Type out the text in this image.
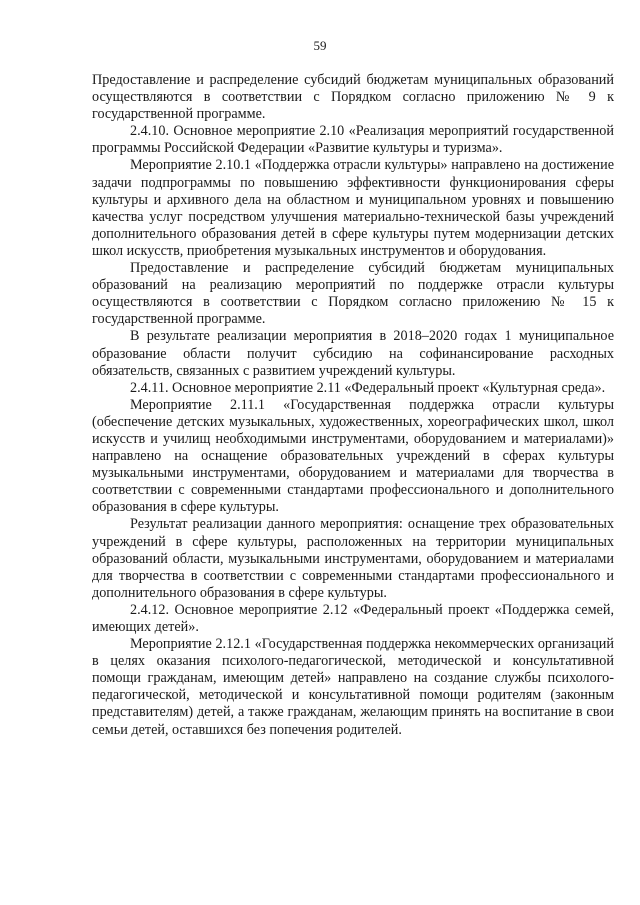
59

Предоставление и распределение субсидий бюджетам муниципальных образований осуществляются в соответствии с Порядком согласно приложению № 9 к государственной программе.

2.4.10. Основное мероприятие 2.10 «Реализация мероприятий государственной программы Российской Федерации «Развитие культуры и туризма».

Мероприятие 2.10.1 «Поддержка отрасли культуры» направлено на достижение задачи подпрограммы по повышению эффективности функционирования сферы культуры и архивного дела на областном и муниципальном уровнях и повышению качества услуг посредством улучшения материально-технической базы учреждений дополнительного образования детей в сфере культуры путем модернизации детских школ искусств, приобретения музыкальных инструментов и оборудования.

Предоставление и распределение субсидий бюджетам муниципальных образований на реализацию мероприятий по поддержке отрасли культуры осуществляются в соответствии с Порядком согласно приложению № 15 к государственной программе.

В результате реализации мероприятия в 2018–2020 годах 1 муниципальное образование области получит субсидию на софинансирование расходных обязательств, связанных с развитием учреждений культуры.

2.4.11. Основное мероприятие 2.11 «Федеральный проект «Культурная среда».

Мероприятие 2.11.1 «Государственная поддержка отрасли культуры (обеспечение детских музыкальных, художественных, хореографических школ, школ искусств и училищ необходимыми инструментами, оборудованием и материалами)» направлено на оснащение образовательных учреждений в сферах культуры музыкальными инструментами, оборудованием и материалами для творчества в соответствии с современными стандартами профессионального и дополнительного образования в сфере культуры.

Результат реализации данного мероприятия: оснащение трех образовательных учреждений в сфере культуры, расположенных на территории муниципальных образований области, музыкальными инструментами, оборудованием и материалами для творчества в соответствии с современными стандартами профессионального и дополнительного образования в сфере культуры.

2.4.12. Основное мероприятие 2.12 «Федеральный проект «Поддержка семей, имеющих детей».

Мероприятие 2.12.1 «Государственная поддержка некоммерческих организаций в целях оказания психолого-педагогической, методической и консультативной помощи гражданам, имеющим детей» направлено на создание службы психолого-педагогической, методической и консультативной помощи родителям (законным представителям) детей, а также гражданам, желающим принять на воспитание в свои семьи детей, оставшихся без попечения родителей.
